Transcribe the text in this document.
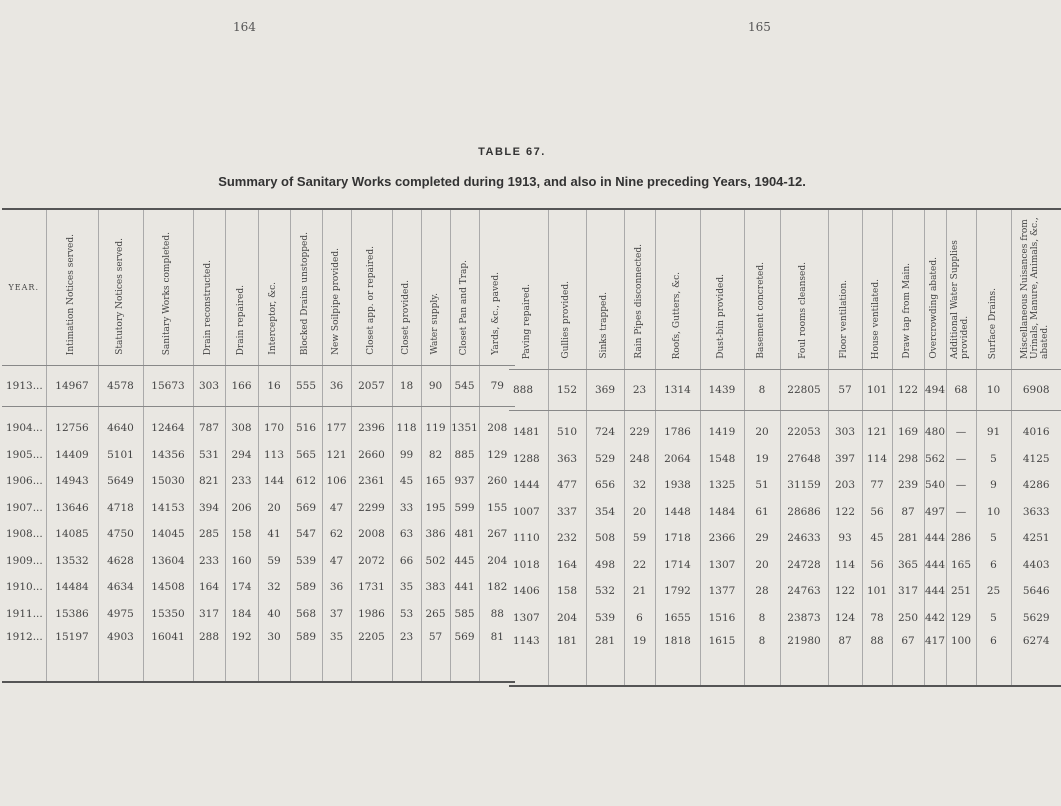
164	165
TABLE 67.
Summary of Sanitary Works completed during 1913, and also in Nine preceding Years, 1904-12.
YEAR.	Intimation Notices served.	Statutory Notices served.	Sanitary Works completed.	Drain reconstructed.	Drain repaired.	Interceptor, &c.	Blocked Drains unstopped.	New Soilpipe provided.	Closet app. or repaired.	Closet provided.	Water supply.	Closet Pan and Trap.	Yards, &c., paved.
1913...	14967	4578	15673	303	166	16	555	36	2057	18	90	545	79
1904...	12756	4640	12464	787	308	170	516	177	2396	118	119	1351	208
1905...	14409	5101	14356	531	294	113	565	121	2660	99	82	885	129
1906...	14943	5649	15030	821	233	144	612	106	2361	45	165	937	260
1907...	13646	4718	14153	394	206	20	569	47	2299	33	195	599	155
1908...	14085	4750	14045	285	158	41	547	62	2008	63	386	481	267
1909...	13532	4628	13604	233	160	59	539	47	2072	66	502	445	204
1910...	14484	4634	14508	164	174	32	589	36	1731	35	383	441	182
1911...	15386	4975	15350	317	184	40	568	37	1986	53	265	585	88
1912...	15197	4903	16041	288	192	30	589	35	2205	23	57	569	81
Paving repaired.	Gullies provided.	Sinks trapped.	Rain Pipes disconnected.	Roofs, Gutters, &c.	Dust-bin provided.	Basement concreted.	Foul rooms cleansed.	Floor ventilation.	House ventilated.	Draw tap from Main.	Overcrowding abated.	Additional Water Supplies provided.	Surface Drains.	Miscellaneous Nuisances from Urinals, Manure, Animals, &c., abated.
888	152	369	23	1314	1439	8	22805	57	101	122	494	68	10	6908
1481	510	724	229	1786	1419	20	22053	303	121	169	480	—	91	4016
1288	363	529	248	2064	1548	19	27648	397	114	298	562	—	5	4125
1444	477	656	32	1938	1325	51	31159	203	77	239	540	—	9	4286
1007	337	354	20	1448	1484	61	28686	122	56	87	497	—	10	3633
1110	232	508	59	1718	2366	29	24633	93	45	281	444	286	5	4251
1018	164	498	22	1714	1307	20	24728	114	56	365	444	165	6	4403
1406	158	532	21	1792	1377	28	24763	122	101	317	444	251	25	5646
1307	204	539	6	1655	1516	8	23873	124	78	250	442	129	5	5629
1143	181	281	19	1818	1615	8	21980	87	88	67	417	100	6	6274
